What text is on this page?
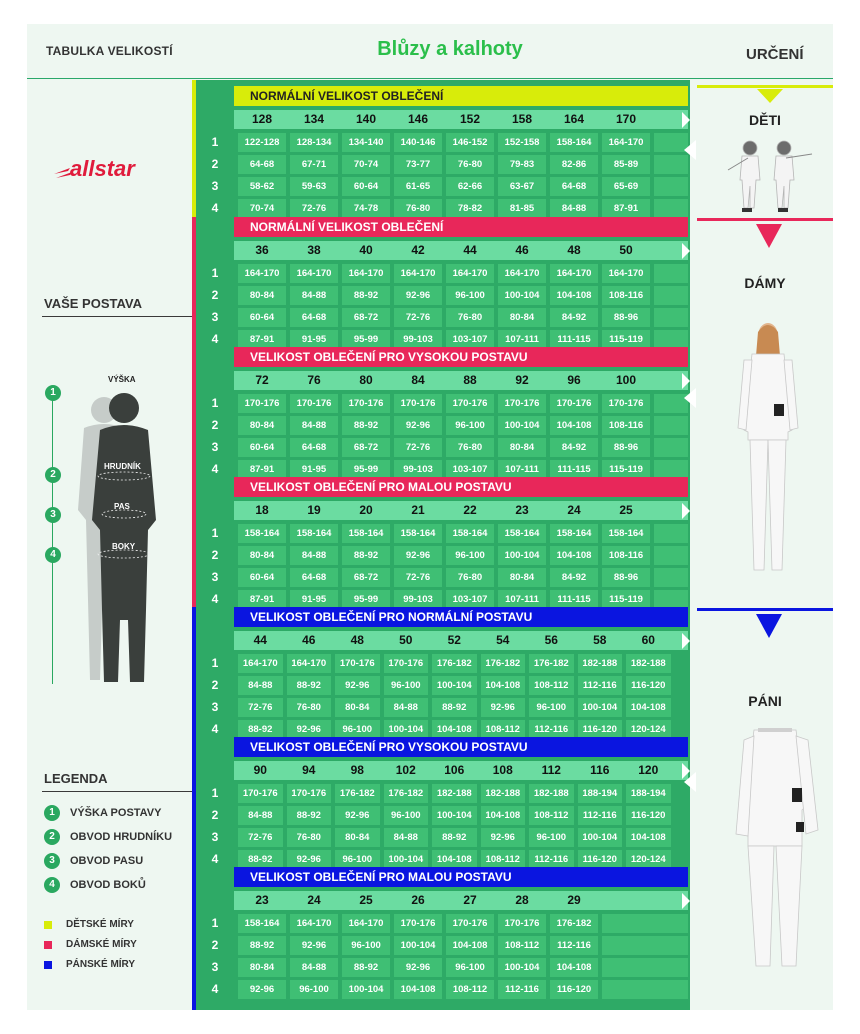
TABULKA VELIKOSTÍ	Blůzy a kalhoty	URČENÍ
allstar
VAŠE POSTAVA
VÝŠKA
HRUDNÍK
PAS
BOKY
1
2
3
4
LEGENDA
1 VÝŠKA POSTAVY
2 OBVOD HRUDNÍKU
3 OBVOD PASU
4 OBVOD BOKŮ
DĚTSKÉ MÍRY
DÁMSKÉ MÍRY
PÁNSKÉ MÍRY
NORMÁLNÍ VELIKOST OBLEČENÍ
128	134	140	146	152	158	164	170
1	122-128	128-134	134-140	140-146	146-152	152-158	158-164	164-170
2	64-68	67-71	70-74	73-77	76-80	79-83	82-86	85-89
3	58-62	59-63	60-64	61-65	62-66	63-67	64-68	65-69
4	70-74	72-76	74-78	76-80	78-82	81-85	84-88	87-91
NORMÁLNÍ VELIKOST OBLEČENÍ
36	38	40	42	44	46	48	50
1	164-170	164-170	164-170	164-170	164-170	164-170	164-170	164-170
2	80-84	84-88	88-92	92-96	96-100	100-104	104-108	108-116
3	60-64	64-68	68-72	72-76	76-80	80-84	84-92	88-96
4	87-91	91-95	95-99	99-103	103-107	107-111	111-115	115-119
VELIKOST OBLEČENÍ PRO VYSOKOU POSTAVU
72	76	80	84	88	92	96	100
1	170-176	170-176	170-176	170-176	170-176	170-176	170-176	170-176
2	80-84	84-88	88-92	92-96	96-100	100-104	104-108	108-116
3	60-64	64-68	68-72	72-76	76-80	80-84	84-92	88-96
4	87-91	91-95	95-99	99-103	103-107	107-111	111-115	115-119
VELIKOST OBLEČENÍ PRO MALOU POSTAVU
18	19	20	21	22	23	24	25
1	158-164	158-164	158-164	158-164	158-164	158-164	158-164	158-164
2	80-84	84-88	88-92	92-96	96-100	100-104	104-108	108-116
3	60-64	64-68	68-72	72-76	76-80	80-84	84-92	88-96
4	87-91	91-95	95-99	99-103	103-107	107-111	111-115	115-119
VELIKOST OBLEČENÍ PRO NORMÁLNÍ POSTAVU
44	46	48	50	52	54	56	58	60
1	164-170	164-170	170-176	170-176	176-182	176-182	176-182	182-188	182-188
2	84-88	88-92	92-96	96-100	100-104	104-108	108-112	112-116	116-120
3	72-76	76-80	80-84	84-88	88-92	92-96	96-100	100-104	104-108
4	88-92	92-96	96-100	100-104	104-108	108-112	112-116	116-120	120-124
VELIKOST OBLEČENÍ PRO VYSOKOU POSTAVU
90	94	98	102	106	108	112	116	120
1	170-176	170-176	176-182	176-182	182-188	182-188	182-188	188-194	188-194
2	84-88	88-92	92-96	96-100	100-104	104-108	108-112	112-116	116-120
3	72-76	76-80	80-84	84-88	88-92	92-96	96-100	100-104	104-108
4	88-92	92-96	96-100	100-104	104-108	108-112	112-116	116-120	120-124
VELIKOST OBLEČENÍ PRO MALOU POSTAVU
23	24	25	26	27	28	29
1	158-164	164-170	164-170	170-176	170-176	170-176	176-182
2	88-92	92-96	96-100	100-104	104-108	108-112	112-116
3	80-84	84-88	88-92	92-96	96-100	100-104	104-108
4	92-96	96-100	100-104	104-108	108-112	112-116	116-120
DĚTI
DÁMY
PÁNI
